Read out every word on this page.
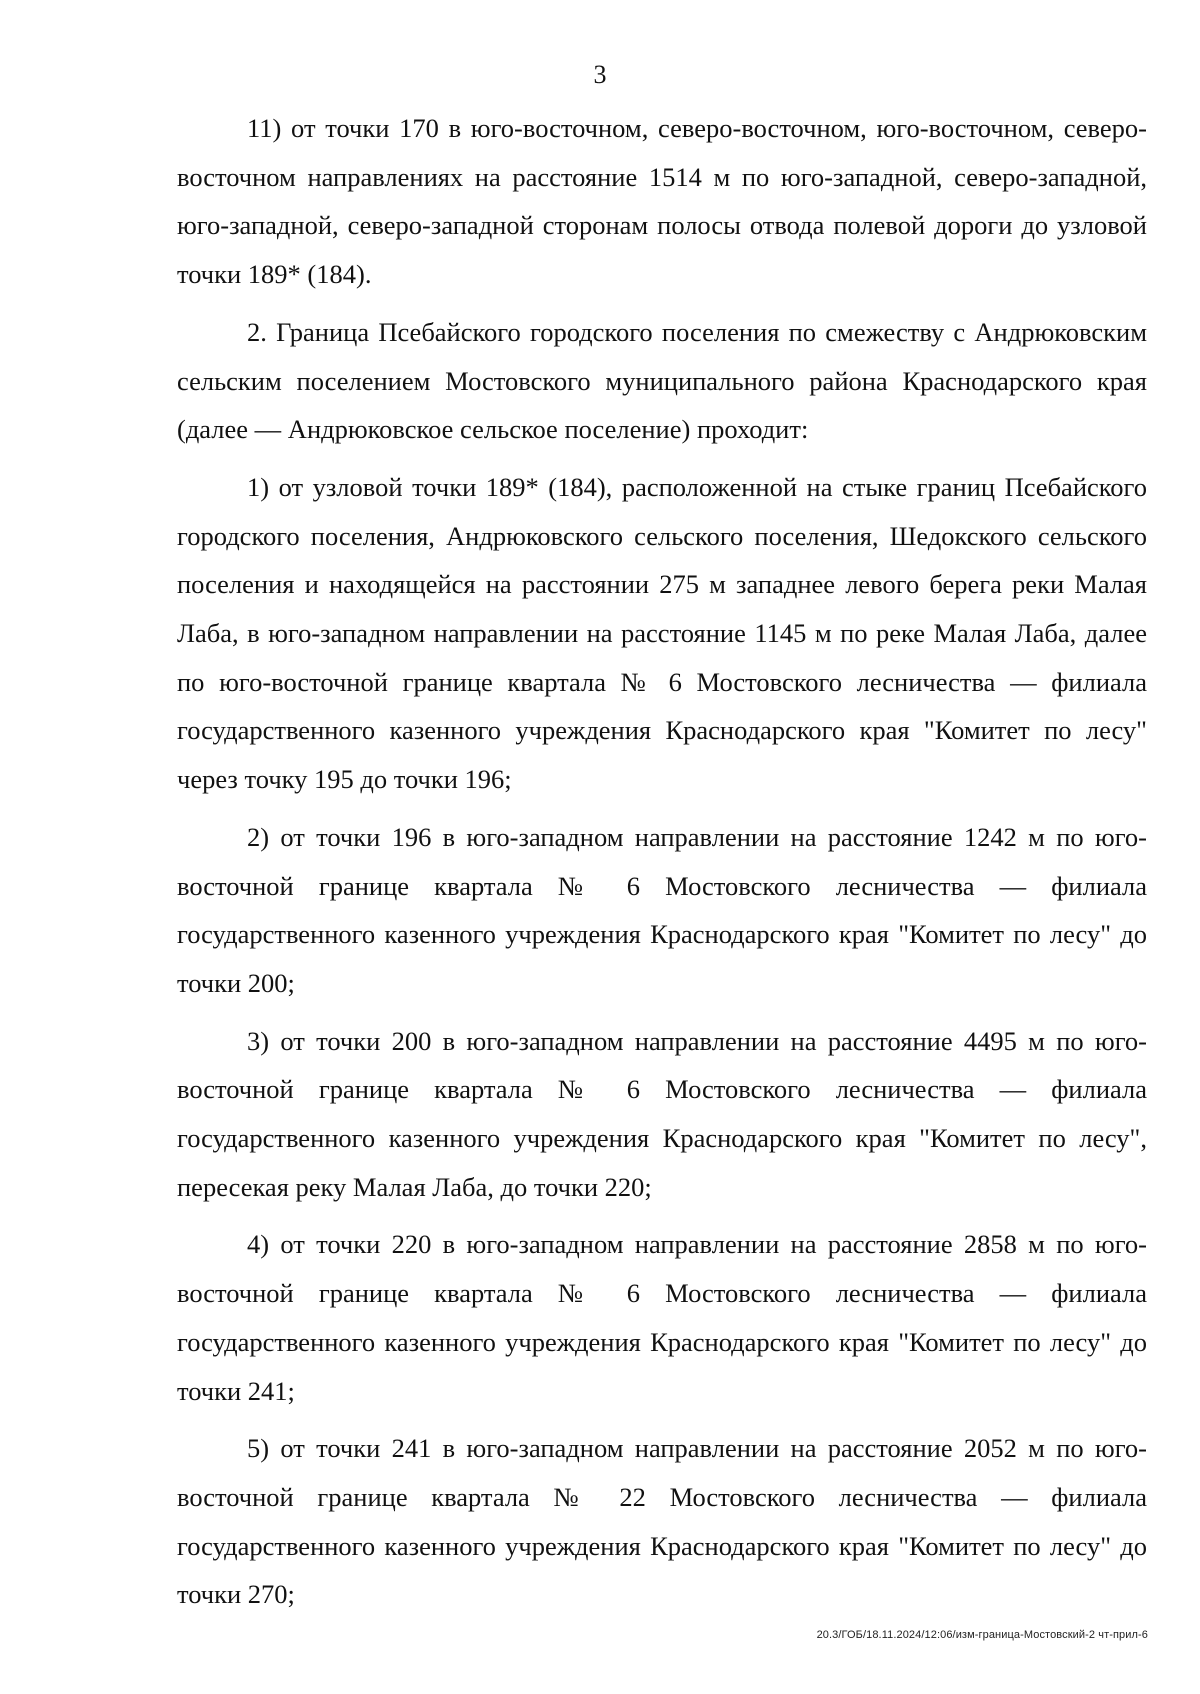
3

11) от точки 170 в юго-восточном, северо-восточном, юго-восточном, северо-восточном направлениях на расстояние 1514 м по юго-западной, северо-западной, юго-западной, северо-западной сторонам полосы отвода полевой дороги до узловой точки 189* (184).

2. Граница Псебайского городского поселения по смежеству с Андрюковским сельским поселением Мостовского муниципального района Краснодарского края (далее — Андрюковское сельское поселение) проходит:

1) от узловой точки 189* (184), расположенной на стыке границ Псебайского городского поселения, Андрюковского сельского поселения, Шедокского сельского поселения и находящейся на расстоянии 275 м западнее левого берега реки Малая Лаба, в юго-западном направлении на расстояние 1145 м по реке Малая Лаба, далее по юго-восточной границе квартала № 6 Мостовского лесничества — филиала государственного казенного учреждения Краснодарского края "Комитет по лесу" через точку 195 до точки 196;

2) от точки 196 в юго-западном направлении на расстояние 1242 м по юго-восточной границе квартала № 6 Мостовского лесничества — филиала государственного казенного учреждения Краснодарского края "Комитет по лесу" до точки 200;

3) от точки 200 в юго-западном направлении на расстояние 4495 м по юго-восточной границе квартала № 6 Мостовского лесничества — филиала государственного казенного учреждения Краснодарского края "Комитет по лесу", пересекая реку Малая Лаба, до точки 220;

4) от точки 220 в юго-западном направлении на расстояние 2858 м по юго-восточной границе квартала № 6 Мостовского лесничества — филиала государственного казенного учреждения Краснодарского края "Комитет по лесу" до точки 241;

5) от точки 241 в юго-западном направлении на расстояние 2052 м по юго-восточной границе квартала № 22 Мостовского лесничества — филиала государственного казенного учреждения Краснодарского края "Комитет по лесу" до точки 270;

20.3/ГОБ/18.11.2024/12:06/изм-граница-Мостовский-2 чт-прил-6
